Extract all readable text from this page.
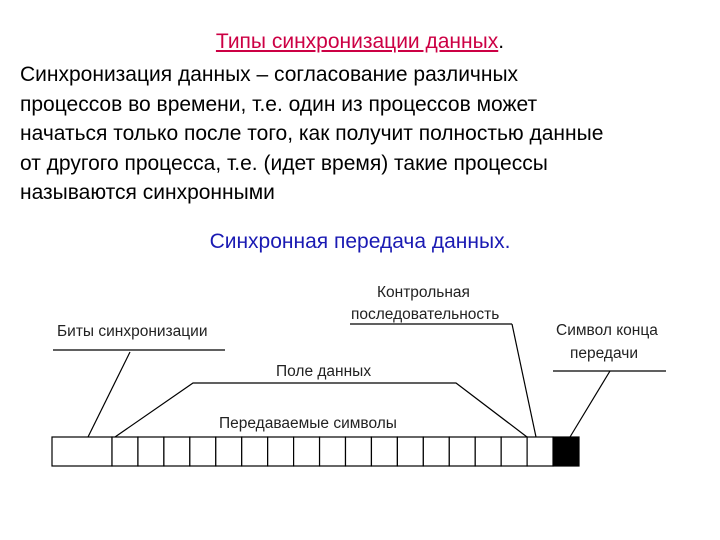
Типы синхронизации данных.
Синхронизация данных – согласование различных
процессов во времени, т.е. один из процессов может
начаться только после того, как получит полностью данные
от другого процесса, т.е. (идет время) такие процессы
называются синхронными
Синхронная передача данных.
Биты синхронизации
Контрольная
последовательность
Символ конца
передачи
Поле данных
Передаваемые символы
